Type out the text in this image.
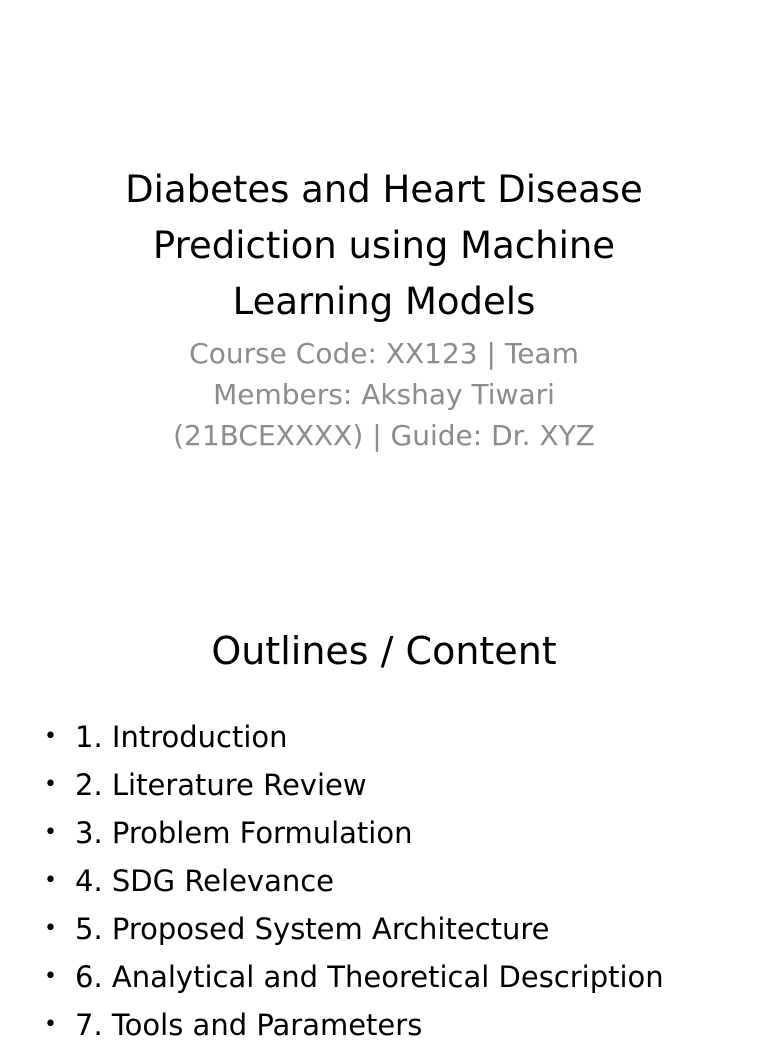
Diabetes and Heart Disease Prediction using Machine Learning Models

Course Code: XX123 | Team Members: Akshay Tiwari (21BCEXXXX) | Guide: Dr. XYZ

Outlines / Content
• 1. Introduction
• 2. Literature Review
• 3. Problem Formulation
• 4. SDG Relevance
• 5. Proposed System Architecture
• 6. Analytical and Theoretical Description
• 7. Tools and Parameters
